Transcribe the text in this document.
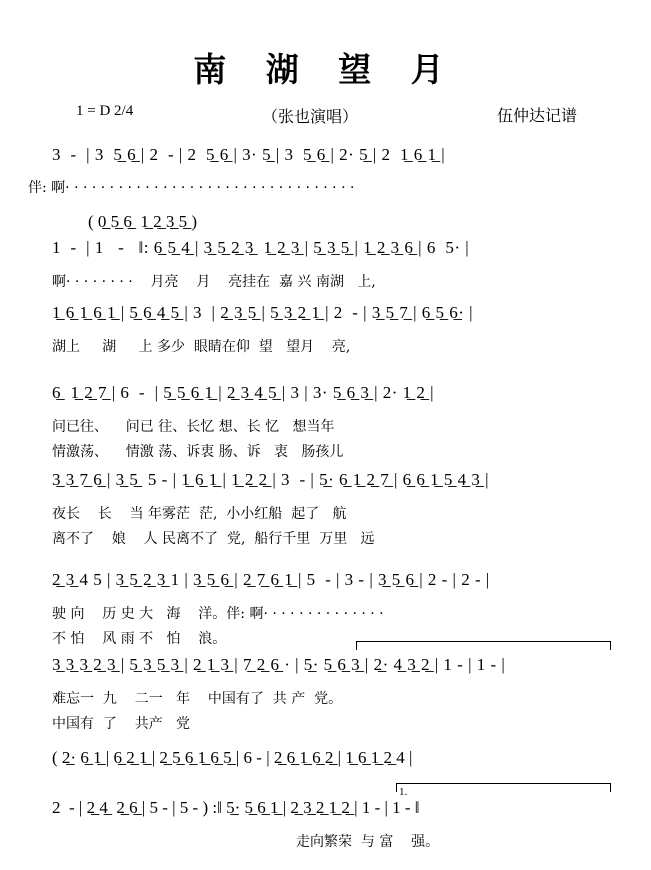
南 湖 望 月
1 = D 2/4	（张也演唱）	伍仲达记谱
3  -  | 3  5̲ 6̲ | 2  - | 2  5̲ 6̲ | 3· 5̲ | 3  5̲ 6̲ | 2· 5̲ | 2  1̲ 6̲ 1̲ |
伴: 啊· · · · · · · · · · · · · · · · · · · · · · · · · · · · · · · · ·
( 0̲ 5̲ 6̲  1̲ 2̲ 3̲ 5̲ )
1  -  | 1   -   ‖: 6̲ 5̲ 4̲ | 3̲ 5̲ 2̲ 3̲  1̲ 2̲ 3̲ | 5̲ 3̲ 5̲ | 1̲ 2̲ 3̲ 6̲ | 6  5· |
啊· · · · · · · ·    月亮    月    亮挂在  嘉 兴 南湖   上,
1̲ 6̲ 1̲ 6̲ 1̲ | 5̲ 6̲ 4̲ 5̲ | 3  | 2̲ 3̲ 5̲ | 5̲ 3̲ 2̲ 1̲ | 2  - | 3̲ 5̲ 7̲ | 6̲ 5̲ 6̲· |
湖上     湖     上 多少  眼睛在仰  望   望月    亮,
6̲  1̲ 2̲ 7̲ | 6  -  | 5̲ 5̲ 6̲ 1̲ | 2̲ 3̲ 4̲ 5̲ | 3 | 3· 5̲ 6̲ 3̲ | 2· 1̲ 2̲ |
问已往、    问已 往、长忆 想、长 忆   想当年
情激荡、    情激 荡、诉衷 肠、诉   衷   肠孩儿
3̲ 3̲ 7̲ 6̲ | 3̲ 5̲  5 - | 1̲ 6̲ 1̲ | 1̲ 2̲ 2̲ | 3  - | 5̲· 6̲ 1̲ 2̲ 7̲ | 6̲ 6̲ 1̲ 5̲ 4̲ 3̲ |
夜长    长    当 年雾茫  茫,  小小红船  起了   航
离不了    娘    人 民离不了  党,  船行千里  万里   远
2̲ 3̲ 4 5 | 3̲ 5̲ 2̲ 3̲ 1 | 3̲ 5̲ 6̲ | 2̲ 7̲ 6̲ 1̲ | 5  - | 3 - | 3̲ 5̲ 6̲ | 2 - | 2 - |
驶 向    历 史 大   海    洋。伴: 啊· · · · · · · · · · · · · ·
不 怕    风 雨 不   怕    浪。
3̲ 3̲ 3̲ 2̲ 3̲ | 5̲ 3̲ 5̲ 3̲ | 2̲ 1̲ 3̲ | 7̲ 2̲ 6̲ · | 5̲· 5̲ 6̲ 3̲ | 2̲· 4̲ 3̲ 2̲ | 1 - | 1 - |
难忘一  九    二一   年    中国有了  共 产  党。
中国有  了    共产   党
( 2̲· 6̲ 1̲ | 6̲ 2̲ 1̲ | 2̲ 5̲ 6̲ 1̲ 6̲ 5̲ | 6 - | 2̲ 6̲ 1̲ 6̲ 2̲ | 1̲ 6̲ 1̲ 2̲ 4 |
1.
2  - | 2̲ 4̲  2̲ 6̲ | 5 - | 5 - ) :‖ 5̲· 5̲ 6̲ 1̲ | 2̲ 3̲ 2̲ 1̲ 2̲ | 1 - | 1 - ‖
走向繁荣  与 富    强。
